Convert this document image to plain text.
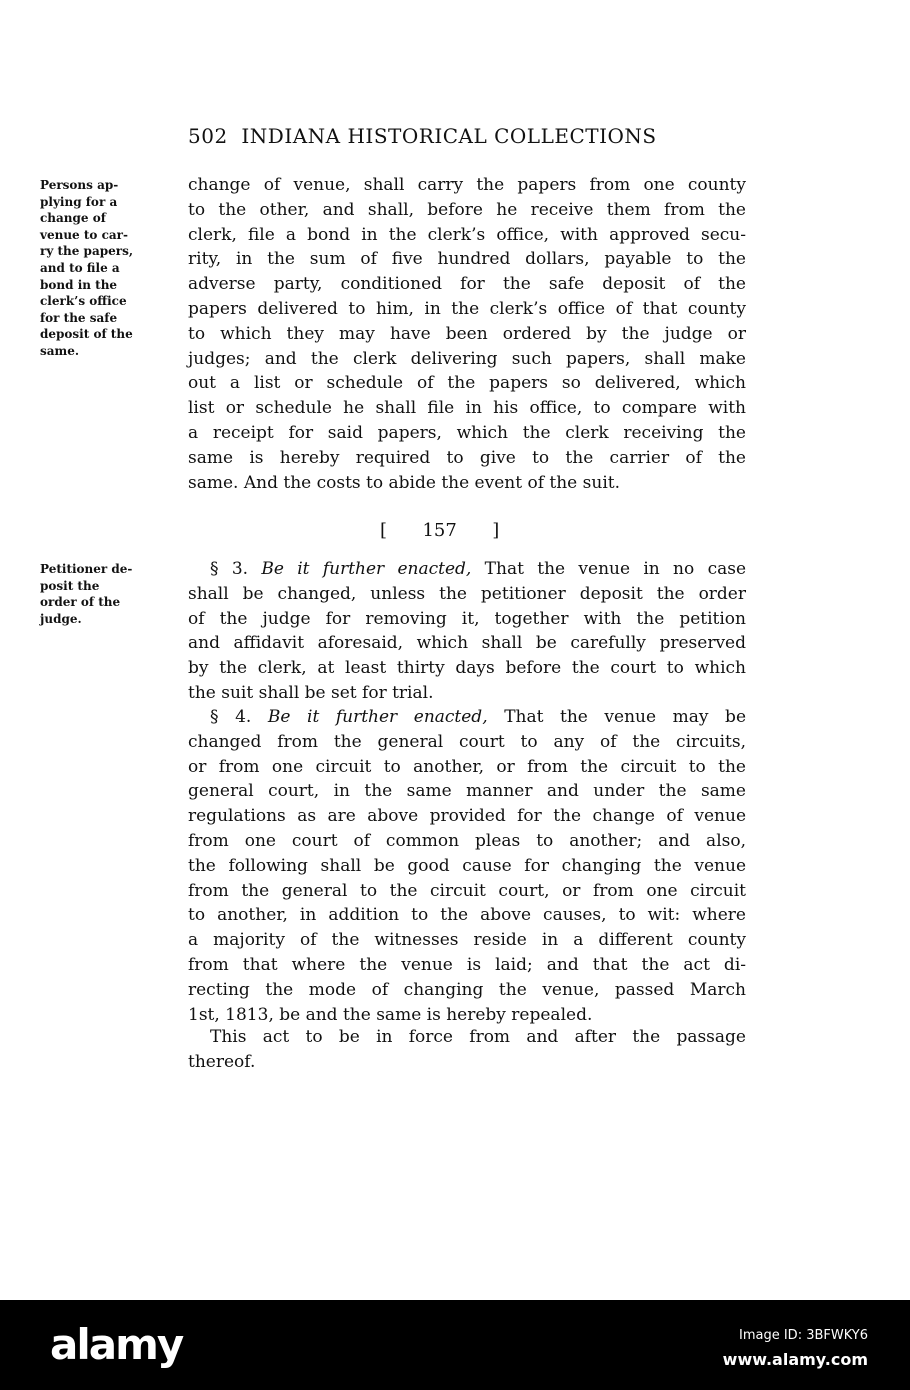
502 INDIANA HISTORICAL COLLECTIONS
[  157  ]
change of venue, shall carry the papers from one county
to the other, and shall, before he receive them from the
clerk, file a bond in the clerk’s office, with approved secu-
rity, in the sum of five hundred dollars, payable to the
adverse party, conditioned for the safe deposit of the
papers delivered to him, in the clerk’s office of that county
to which they may have been ordered by the judge or
judges; and the clerk delivering such papers, shall make
out a list or schedule of the papers so delivered, which
list or schedule he shall file in his office, to compare with
a receipt for said papers, which the clerk receiving the
same is hereby required to give to the carrier of the
same. And the costs to abide the event of the suit.
§ 3. Be it further enacted, That the venue in no case
shall be changed, unless the petitioner deposit the order
of the judge for removing it, together with the petition
and affidavit aforesaid, which shall be carefully preserved
by the clerk, at least thirty days before the court to which
the suit shall be set for trial.
§ 4. Be it further enacted, That the venue may be
changed from the general court to any of the circuits,
or from one circuit to another, or from the circuit to the
general court, in the same manner and under the same
regulations as are above provided for the change of venue
from one court of common pleas to another; and also,
the following shall be good cause for changing the venue
from the general to the circuit court, or from one circuit
to another, in addition to the above causes, to wit: where
a majority of the witnesses reside in a different county
from that where the venue is laid; and that the act di-
recting the mode of changing the venue, passed March
1st, 1813, be and the same is hereby repealed.
This act to be in force from and after the passage
thereof.
Persons ap-
plying for a
change of
venue to car-
ry the papers,
and to file a
bond in the
clerk’s office
for the safe
deposit of the
same.
Petitioner de-
posit the
order of the
judge.
alamy	Image ID: 3BFWKY6
www.alamy.com
